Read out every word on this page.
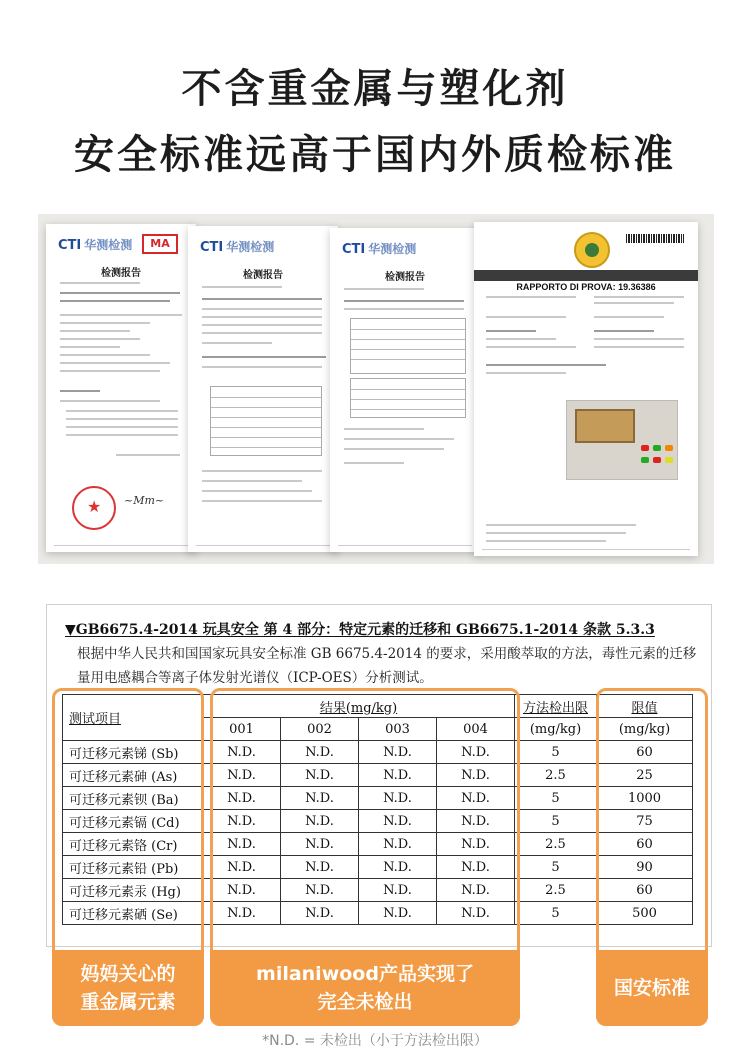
不含重金属与塑化剂
安全标准远高于国内外质检标准
CTI 华测检测	MA
检测报告
★
~Mm~
CTI 华测检测
检测报告
CTI 华测检测
检测报告
RAPPORTO DI PROVA: 19.36386
▼GB6675.4-2014 玩具安全 第 4 部分：特定元素的迁移和 GB6675.1-2014 条款 5.3.3
根据中华人民共和国国家玩具安全标准 GB 6675.4-2014 的要求，采用酸萃取的方法，毒性元素的迁移量用电感耦合等离子体发射光谱仪（ICP-OES）分析测试。
测试项目	结果(mg/kg)				方法检出限	限值
	001	002	003	004	(mg/kg)	(mg/kg)
可迁移元素锑 (Sb)	N.D.	N.D.	N.D.	N.D.	5	60
可迁移元素砷 (As)	N.D.	N.D.	N.D.	N.D.	2.5	25
可迁移元素钡 (Ba)	N.D.	N.D.	N.D.	N.D.	5	1000
可迁移元素镉 (Cd)	N.D.	N.D.	N.D.	N.D.	5	75
可迁移元素铬 (Cr)	N.D.	N.D.	N.D.	N.D.	2.5	60
可迁移元素铅 (Pb)	N.D.	N.D.	N.D.	N.D.	5	90
可迁移元素汞 (Hg)	N.D.	N.D.	N.D.	N.D.	2.5	60
可迁移元素硒 (Se)	N.D.	N.D.	N.D.	N.D.	5	500
妈妈关心的
重金属元素
milaniwood产品实现了
完全未检出
国安标准
*N.D. = 未检出（小于方法检出限）
